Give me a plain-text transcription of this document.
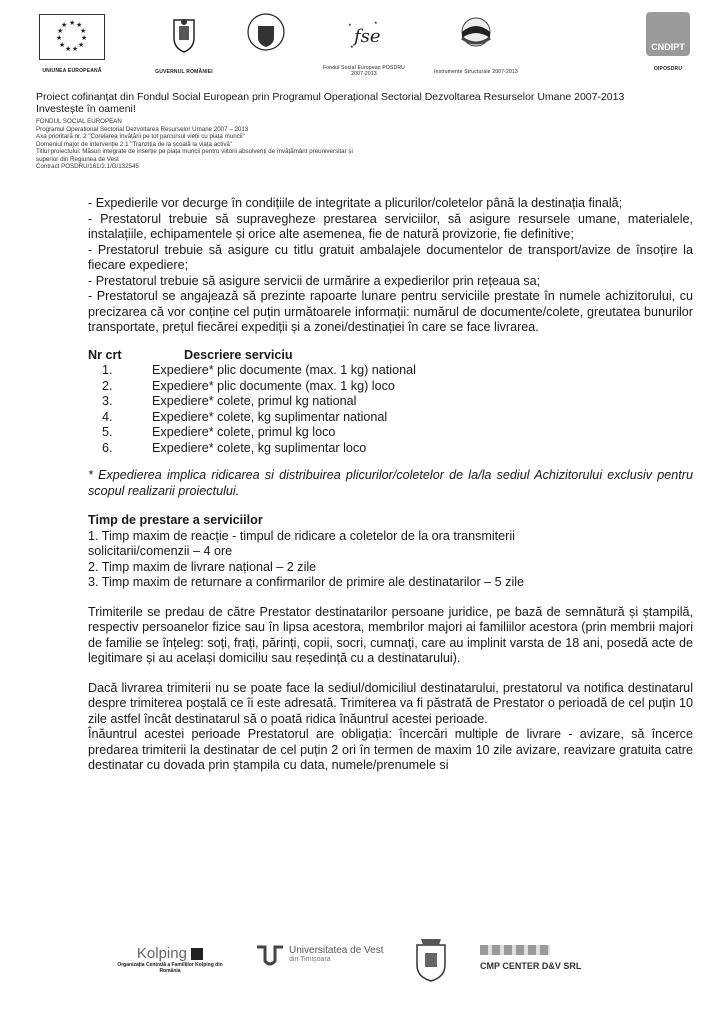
★ ★
★
★
★
★
★
★
★
★
★
UNIUNEA EUROPEANĂ	GUVERNUL ROMÂNIEI
fse
★	★
★
Fondul Social European POSDRU 2007-2013	Instrumente Structurale 2007-2013
CNDIPT
OIPOSDRU
Proiect cofinanțat din Fondul Social European prin Programul Operațional Sectorial Dezvoltarea Resurselor Umane 2007-2013
Investește în oameni!
FONDUL SOCIAL EUROPEAN
Programul Operational Sectorial Dezvoltarea Resurselor Umane 2007 – 2013
Axa prioritară nr. 2 "Corelarea învățării pe tot parcursul vieții cu piața muncii"
Domeniul major de intervenție 2.1 "Tranziția de la școală la viața activă"
Titlul proiectului: Măsuri integrate de inserție pe piața muncii pentru viitorii absolvenți de învățământ preuniversitar și
superior din Regiunea de Vest
Contract POSDRU/161/2.1/G/132545

- Expedierile vor decurge în condițiile de integritate a plicurilor/coletelor până la destinația finală;

- Prestatorul trebuie să supravegheze prestarea serviciilor, să asigure resursele umane, materialele, instalațiile, echipamentele și orice alte asemenea, fie de natură provizorie, fie definitive;

- Prestatorul trebuie să asigure cu titlu gratuit ambalajele documentelor de transport/avize de însoțire la fiecare expediere;

- Prestatorul trebuie să asigure servicii de urmărire a expedierilor prin rețeaua sa;

- Prestatorul se angajează să prezinte rapoarte lunare pentru serviciile prestate în numele achizitorului, cu precizarea că vor conține cel puțin următoarele informații: numărul de documente/colete, greutatea bunurilor transportate, prețul fiecărei expediții și a zonei/destinației în care se face livrarea.

Nr crt	Descriere serviciu
1.	Expediere* plic documente (max. 1 kg) national
2.	Expediere* plic documente (max. 1 kg) loco
3.	Expediere* colete, primul kg national
4.	Expediere* colete, kg suplimentar national
5.	Expediere* colete, primul kg loco
6.	Expediere* colete, kg suplimentar loco

* Expedierea implica ridicarea si distribuirea plicurilor/coletelor de la/la sediul Achizitorului exclusiv pentru scopul realizarii proiectului.

Timp de prestare a serviciilor

1. Timp maxim de reacție - timpul de ridicare a coletelor de la ora transmiterii solicitarii/comenzii – 4 ore

2. Timp maxim de livrare național – 2 zile

3. Timp maxim de returnare a confirmarilor de primire ale destinatarilor – 5 zile

Trimiterile se predau de către Prestator destinatarilor persoane juridice, pe bază de semnătură și ștampilă, respectiv persoanelor fizice sau în lipsa acestora, membrilor majori ai familiilor acestora (prin membrii majori de familie se înțeleg: soți, frați, părinți, copii, socri, cumnați, care au implinit varsta de 18 ani, posedă acte de legitimare și au același domiciliu sau reședință cu a destinatarului).

Dacă livrarea trimiterii nu se poate face la sediul/domiciliul destinatarului, prestatorul va notifica destinatarul despre trimiterea poștală ce îi este adresată. Trimiterea va fi păstrată de Prestator o perioadă de cel puțin 10 zile astfel încât destinatarul să o poată ridica înăuntrul acestei perioade.

Înăuntrul acestei perioade Prestatorul are obligația: încercări multiple de livrare - avizare, să încerce predarea trimiterii la destinatar de cel puțin 2 ori în termen de maxim 10 zile avizare, reavizare gratuita catre destinatar cu dovada prin ștampila cu data, numele/prenumele si

Kolping
Organizația Centrală a Familiilor Kolping din România
Universitatea de Vest
din Timișoara
CMP CENTER D&V SRL
